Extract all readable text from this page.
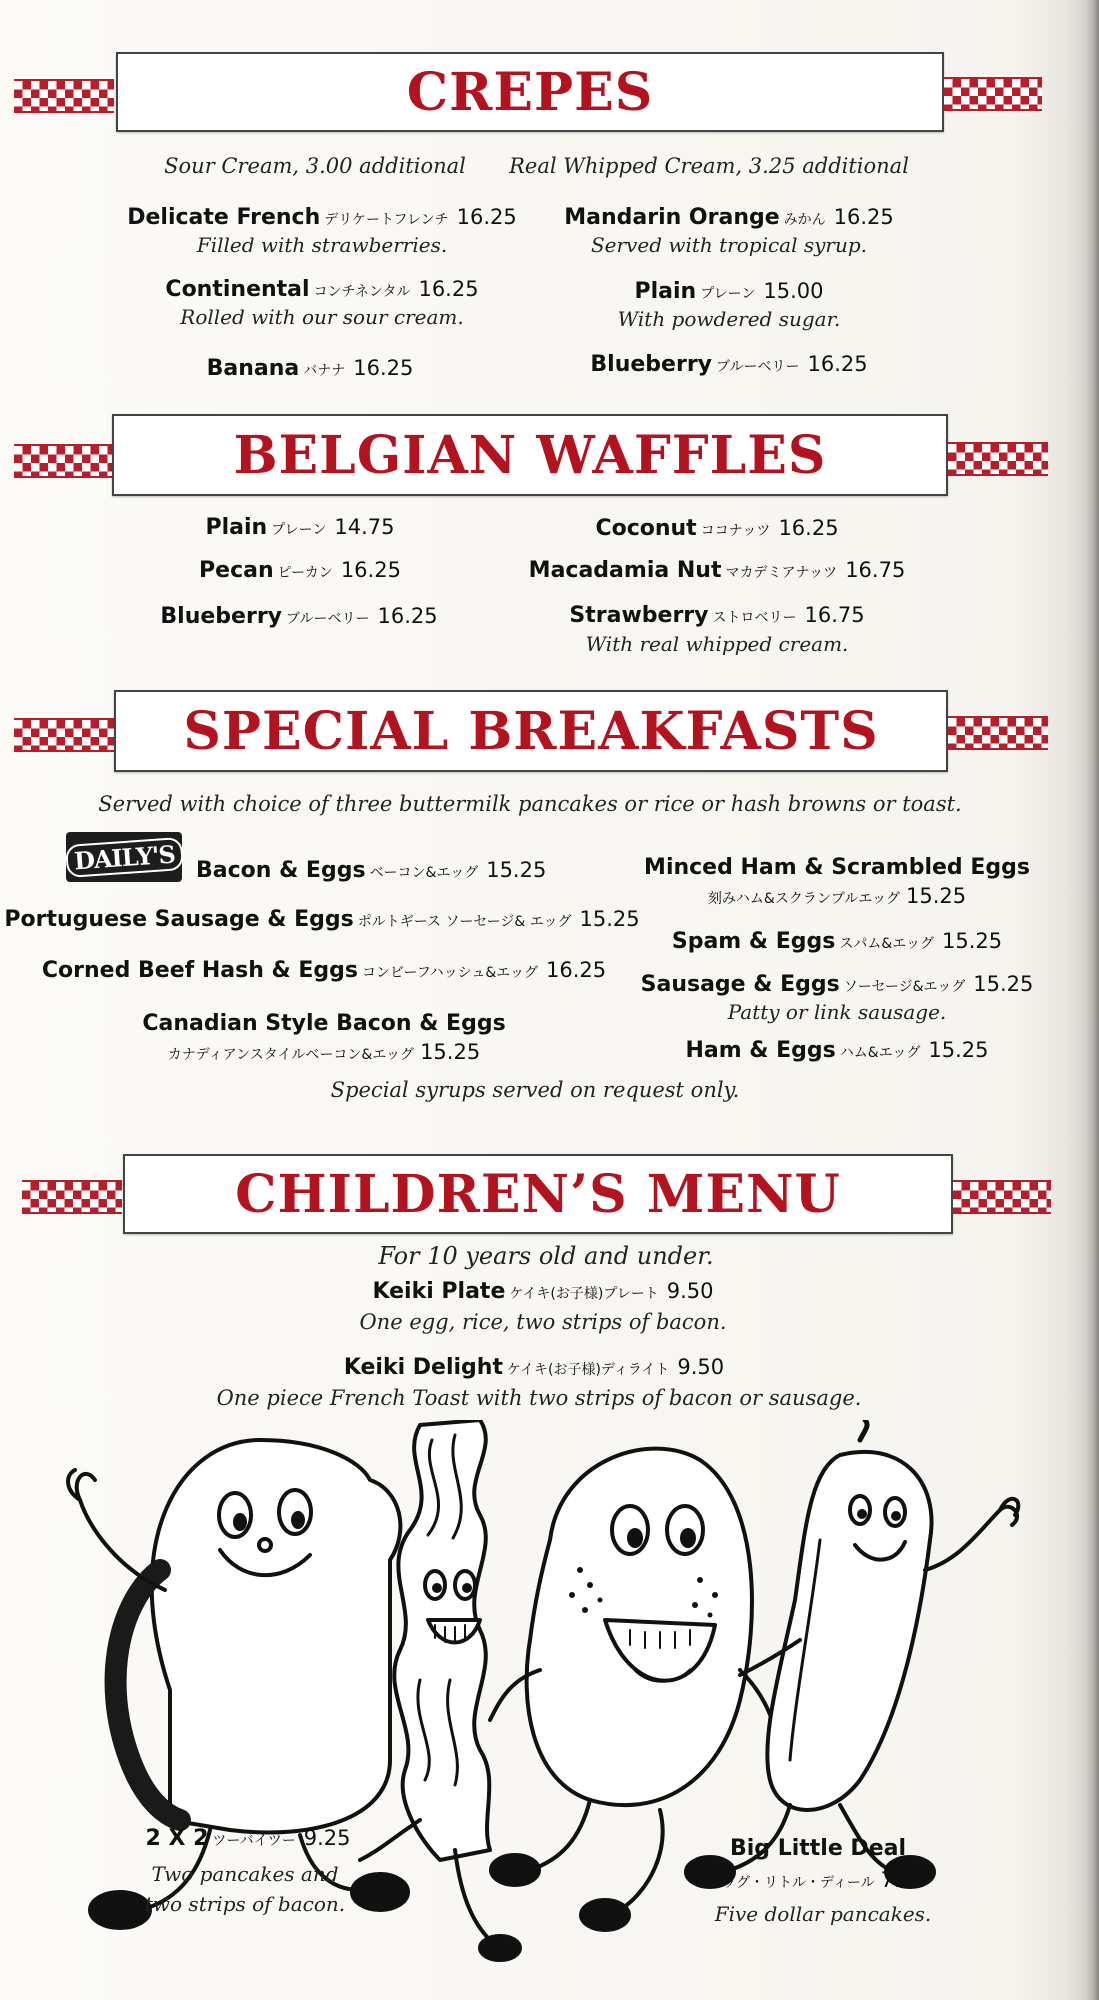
CREPES
Sour Cream, 3.00 additional Real Whipped Cream, 3.25 additional
Delicate French デリケートフレンチ 16.25
Filled with strawberries.
Continental コンチネンタル 16.25
Rolled with our sour cream.
Banana バナナ 16.25
Mandarin Orange みかん 16.25
Served with tropical syrup.
Plain プレーン 15.00
With powdered sugar.
Blueberry ブルーベリー 16.25
BELGIAN WAFFLES
Plain プレーン 14.75
Pecan ピーカン 16.25
Blueberry ブルーベリー 16.25
Coconut ココナッツ 16.25
Macadamia Nut マカデミアナッツ 16.75
Strawberry ストロベリー 16.75
With real whipped cream.
SPECIAL BREAKFASTS
Served with choice of three buttermilk pancakes or rice or hash browns or toast.
DAILY'S Bacon & Eggs ベーコン&エッグ 15.25
Portuguese Sausage & Eggs ポルトギース ソーセージ& エッグ 15.25
Corned Beef Hash & Eggs コンビーフハッシュ&エッグ 16.25
Canadian Style Bacon & Eggs
カナディアンスタイルベーコン&エッグ 15.25
Minced Ham & Scrambled Eggs
刻みハム&スクランブルエッグ 15.25
Spam & Eggs スパム&エッグ 15.25
Sausage & Eggs ソーセージ&エッグ 15.25
Patty or link sausage.
Ham & Eggs ハム&エッグ 15.25
Special syrups served on request only.
CHILDREN’S MENU
For 10 years old and under.
Keiki Plate ケイキ(お子様)プレート 9.50
One egg, rice, two strips of bacon.
Keiki Delight ケイキ(お子様)ディライト 9.50
One piece French Toast with two strips of bacon or sausage.
2 X 2 ツーバイツー 9.25
Two pancakes and
two strips of bacon.
Big Little Deal
ビッグ・リトル・ディール 7.50
Five dollar pancakes.
